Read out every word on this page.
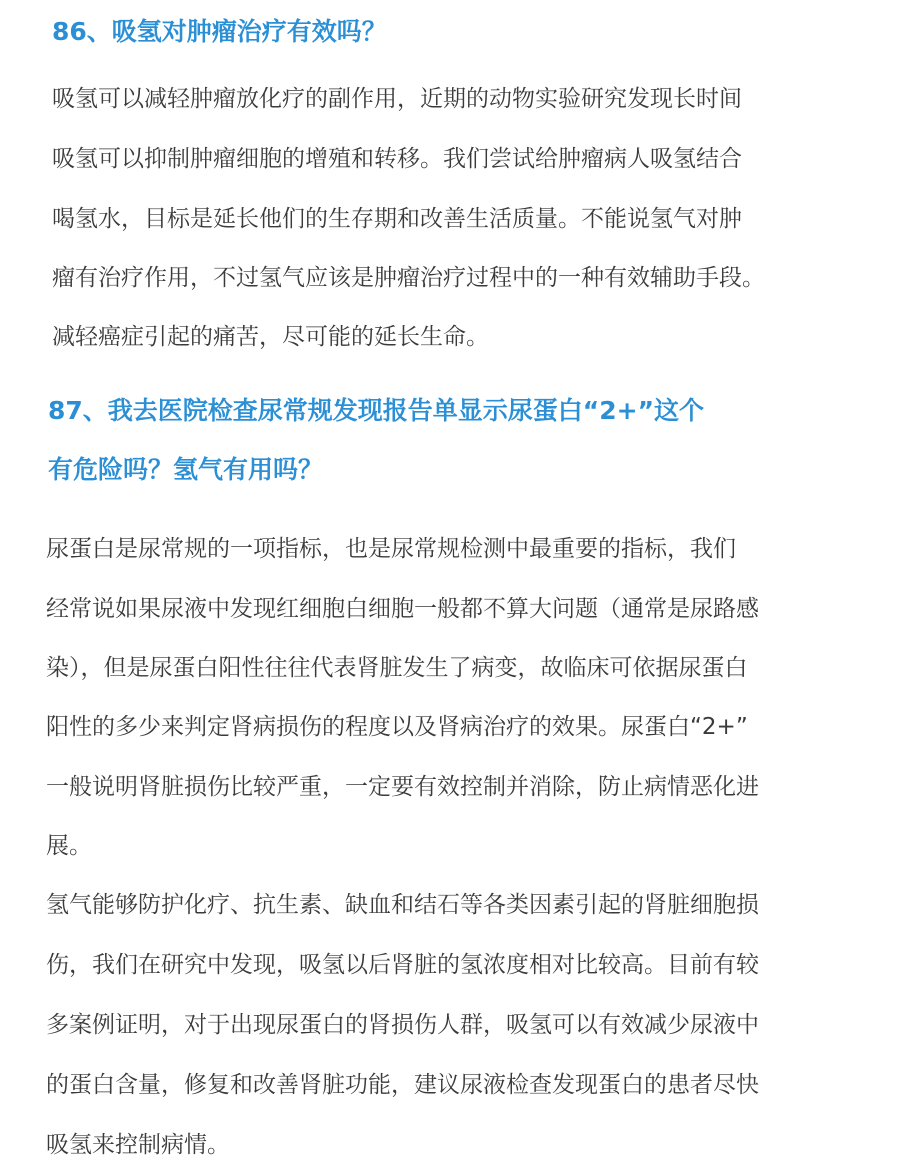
86、吸氢对肿瘤治疗有效吗？

吸氢可以减轻肿瘤放化疗的副作用，近期的动物实验研究发现长时间

吸氢可以抑制肿瘤细胞的增殖和转移。我们尝试给肿瘤病人吸氢结合

喝氢水，目标是延长他们的生存期和改善生活质量。不能说氢气对肿

瘤有治疗作用，不过氢气应该是肿瘤治疗过程中的一种有效辅助手段。

减轻癌症引起的痛苦，尽可能的延长生命。

87、我去医院检查尿常规发现报告单显示尿蛋白“2+”这个

有危险吗？氢气有用吗？

尿蛋白是尿常规的一项指标，也是尿常规检测中最重要的指标，我们

经常说如果尿液中发现红细胞白细胞一般都不算大问题（通常是尿路感

染），但是尿蛋白阳性往往代表肾脏发生了病变，故临床可依据尿蛋白

阳性的多少来判定肾病损伤的程度以及肾病治疗的效果。尿蛋白“2+”

一般说明肾脏损伤比较严重，一定要有效控制并消除，防止病情恶化进

展。

氢气能够防护化疗、抗生素、缺血和结石等各类因素引起的肾脏细胞损

伤，我们在研究中发现，吸氢以后肾脏的氢浓度相对比较高。目前有较

多案例证明，对于出现尿蛋白的肾损伤人群，吸氢可以有效减少尿液中

的蛋白含量，修复和改善肾脏功能，建议尿液检查发现蛋白的患者尽快

吸氢来控制病情。
